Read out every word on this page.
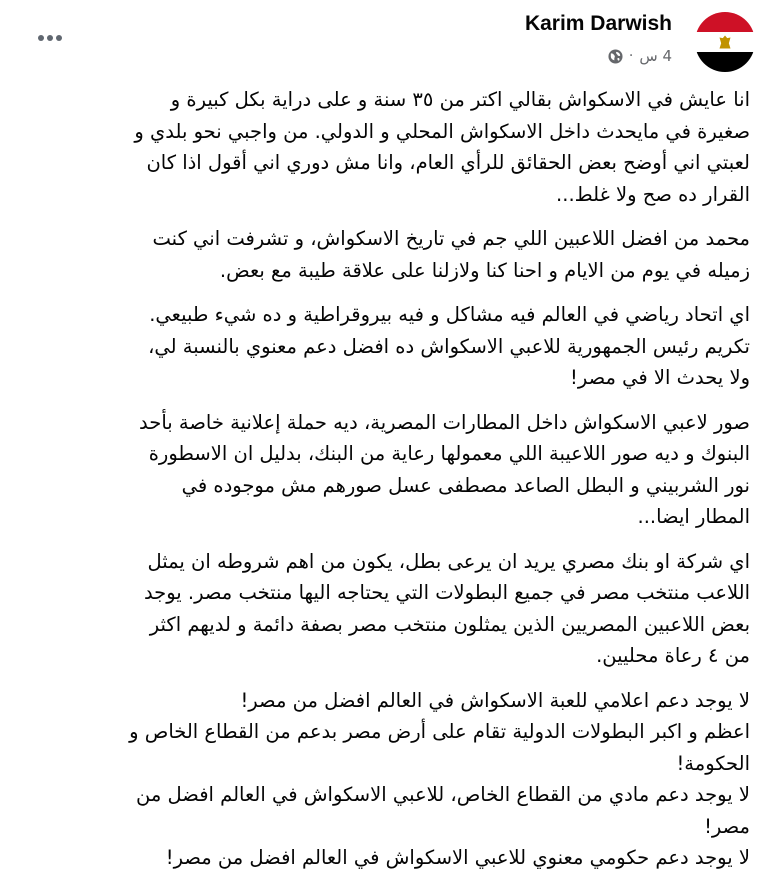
Karim Darwish
· 4 س

انا عايش في الاسكواش بقالي اكتر من ٣٥ سنة و على دراية بكل كبيرة و
صغيرة في مايحدث داخل الاسكواش المحلي و الدولي. من واجبي نحو بلدي و
لعبتي اني أوضح بعض الحقائق للرأي العام، وانا مش دوري اني أقول اذا كان
القرار ده صح ولا غلط...

محمد من افضل اللاعبين اللي جم في تاريخ الاسكواش، و تشرفت اني كنت
زميله في يوم من الايام و احنا كنا ولازلنا على علاقة طيبة مع بعض.

اي اتحاد رياضي في العالم فيه مشاكل و فيه بيروقراطية و ده شيء طبيعي.
تكريم رئيس الجمهورية للاعبي الاسكواش ده افضل دعم معنوي بالنسبة لي،
ولا يحدث الا في مصر!

صور لاعبي الاسكواش داخل المطارات المصرية، ديه حملة إعلانية خاصة بأحد
البنوك و ديه صور اللاعيبة اللي معمولها رعاية من البنك، بدليل ان الاسطورة
نور الشربيني و البطل الصاعد مصطفى عسل صورهم مش موجوده في
المطار ايضا...

اي شركة او بنك مصري يريد ان يرعى بطل، يكون من اهم شروطه ان يمثل
اللاعب منتخب مصر في جميع البطولات التي يحتاجه اليها منتخب مصر. يوجد
بعض اللاعبين المصريين الذين يمثلون منتخب مصر بصفة دائمة و لديهم اكثر
من ٤ رعاة محليين.

لا يوجد دعم اعلامي للعبة الاسكواش في العالم افضل من مصر!
اعظم و اكبر البطولات الدولية تقام على أرض مصر بدعم من القطاع الخاص و
الحكومة!
لا يوجد دعم مادي من القطاع الخاص، للاعبي الاسكواش في العالم افضل من
مصر!
لا يوجد دعم حكومي معنوي للاعبي الاسكواش في العالم افضل من مصر!
